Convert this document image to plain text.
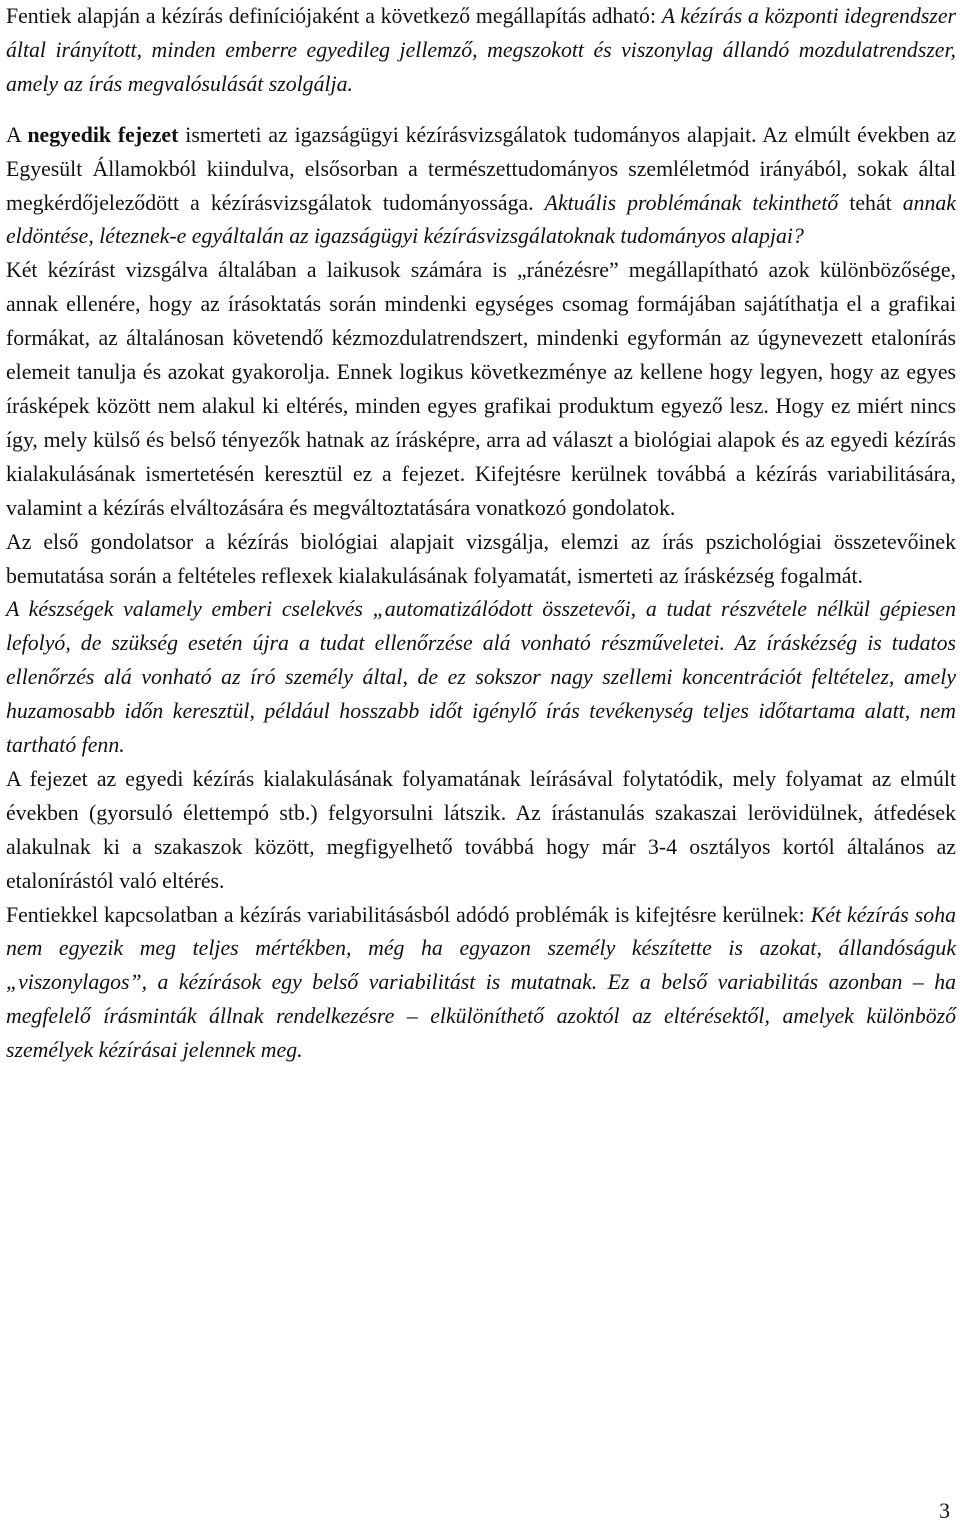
Fentiek alapján a kézírás definíciójaként a következő megállapítás adható: A kézírás a központi idegrendszer által irányított, minden emberre egyedileg jellemző, megszokott és viszonylag állandó mozdulatrendszer, amely az írás megvalósulását szolgálja.

A negyedik fejezet ismerteti az igazságügyi kézírásvizsgálatok tudományos alapjait. Az elmúlt években az Egyesült Államokból kiindulva, elsősorban a természettudományos szemléletmód irányából, sokak által megkérdőjeleződött a kézírásvizsgálatok tudományossága. Aktuális problémának tekinthető tehát annak eldöntése, léteznek-e egyáltalán az igazságügyi kézírásvizsgálatoknak tudományos alapjai?

Két kézírást vizsgálva általában a laikusok számára is „ránézésre” megállapítható azok különbözősége, annak ellenére, hogy az írásoktatás során mindenki egységes csomag formájában sajátíthatja el a grafikai formákat, az általánosan követendő kézmozdulatrendszert, mindenki egyformán az úgynevezett etalonírás elemeit tanulja és azokat gyakorolja. Ennek logikus következménye az kellene hogy legyen, hogy az egyes írásképek között nem alakul ki eltérés, minden egyes grafikai produktum egyező lesz. Hogy ez miért nincs így, mely külső és belső tényezők hatnak az írásképre, arra ad választ a biológiai alapok és az egyedi kézírás kialakulásának ismertetésén keresztül ez a fejezet. Kifejtésre kerülnek továbbá a kézírás variabilitására, valamint a kézírás elváltozására és megváltoztatására vonatkozó gondolatok.

Az első gondolatsor a kézírás biológiai alapjait vizsgálja, elemzi az írás pszichológiai összetevőinek bemutatása során a feltételes reflexek kialakulásának folyamatát, ismerteti az íráskézség fogalmát.

A készségek valamely emberi cselekvés „automatizálódott összetevői, a tudat részvétele nélkül gépiesen lefolyó, de szükség esetén újra a tudat ellenőrzése alá vonható részműveletei. Az íráskézség is tudatos ellenőrzés alá vonható az író személy által, de ez sokszor nagy szellemi koncentrációt feltételez, amely huzamosabb időn keresztül, például hosszabb időt igénylő írás tevékenység teljes időtartama alatt, nem tartható fenn.

A fejezet az egyedi kézírás kialakulásának folyamatának leírásával folytatódik, mely folyamat az elmúlt években (gyorsuló élettempó stb.) felgyorsulni látszik. Az írástanulás szakaszai lerövidülnek, átfedések alakulnak ki a szakaszok között, megfigyelhető továbbá hogy már 3-4 osztályos kortól általános az etalonírástól való eltérés.

Fentiekkel kapcsolatban a kézírás variabilitásásból adódó problémák is kifejtésre kerülnek: Két kézírás soha nem egyezik meg teljes mértékben, még ha egyazon személy készítette is azokat, állandóságuk „viszonylagos”, a kézírások egy belső variabilitást is mutatnak. Ez a belső variabilitás azonban – ha megfelelő írásminták állnak rendelkezésre – elkülöníthető azoktól az eltérésektől, amelyek különböző személyek kézírásai jelennek meg.

3
